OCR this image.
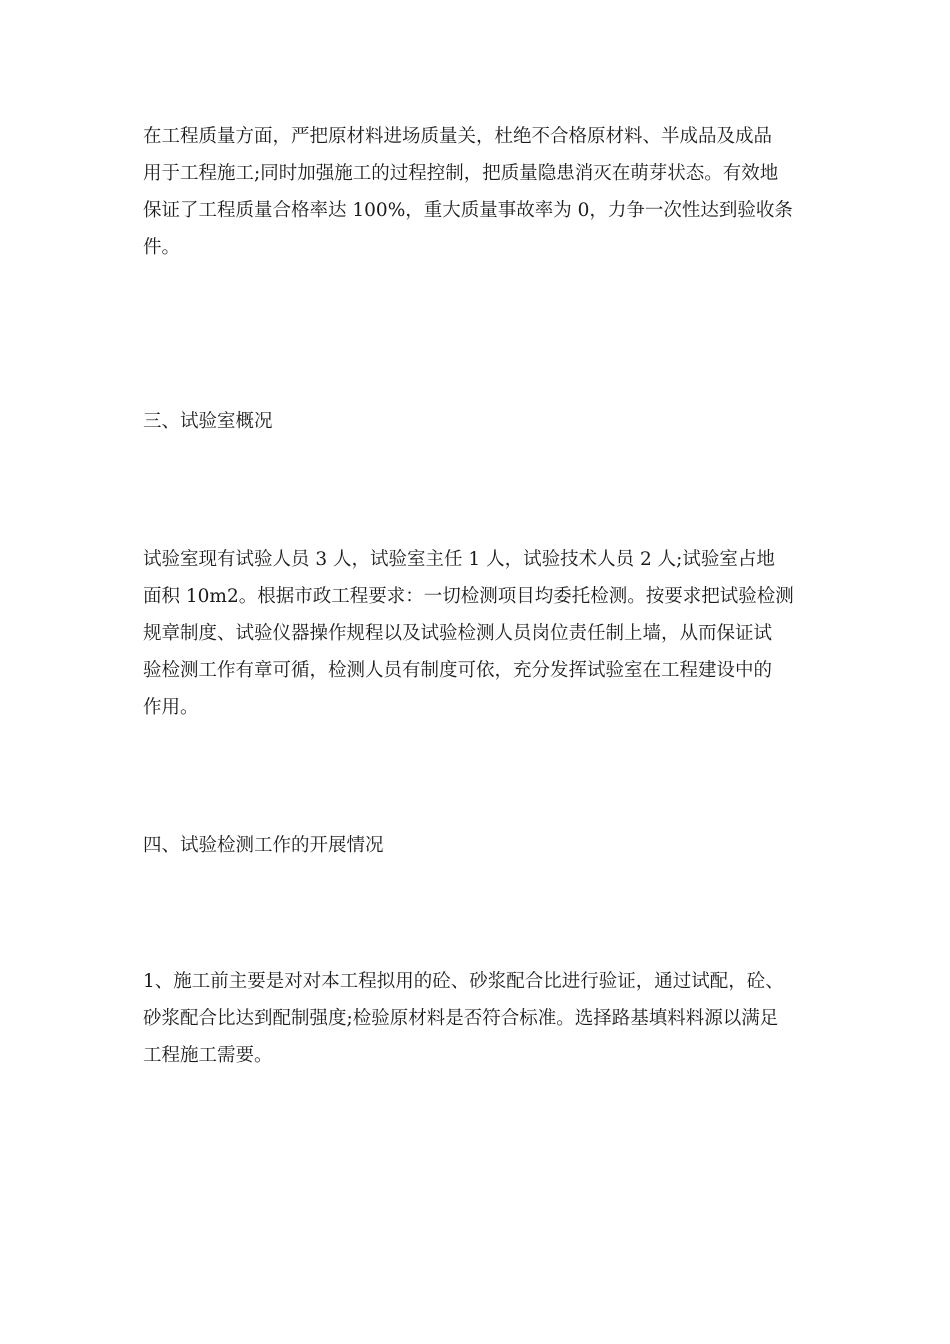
在工程质量方面，严把原材料进场质量关，杜绝不合格原材料、半成品及成品
用于工程施工;同时加强施工的过程控制，把质量隐患消灭在萌芽状态。有效地
保证了工程质量合格率达 100%，重大质量事故率为 0，力争一次性达到验收条
件。
三、试验室概况
试验室现有试验人员 3 人，试验室主任 1 人，试验技术人员 2 人;试验室占地
面积 10m2。根据市政工程要求：一切检测项目均委托检测。按要求把试验检测
规章制度、试验仪器操作规程以及试验检测人员岗位责任制上墙，从而保证试
验检测工作有章可循，检测人员有制度可依，充分发挥试验室在工程建设中的
作用。
四、试验检测工作的开展情况
1、施工前主要是对对本工程拟用的砼、砂浆配合比进行验证，通过试配，砼、
砂浆配合比达到配制强度;检验原材料是否符合标准。选择路基填料料源以满足
工程施工需要。
